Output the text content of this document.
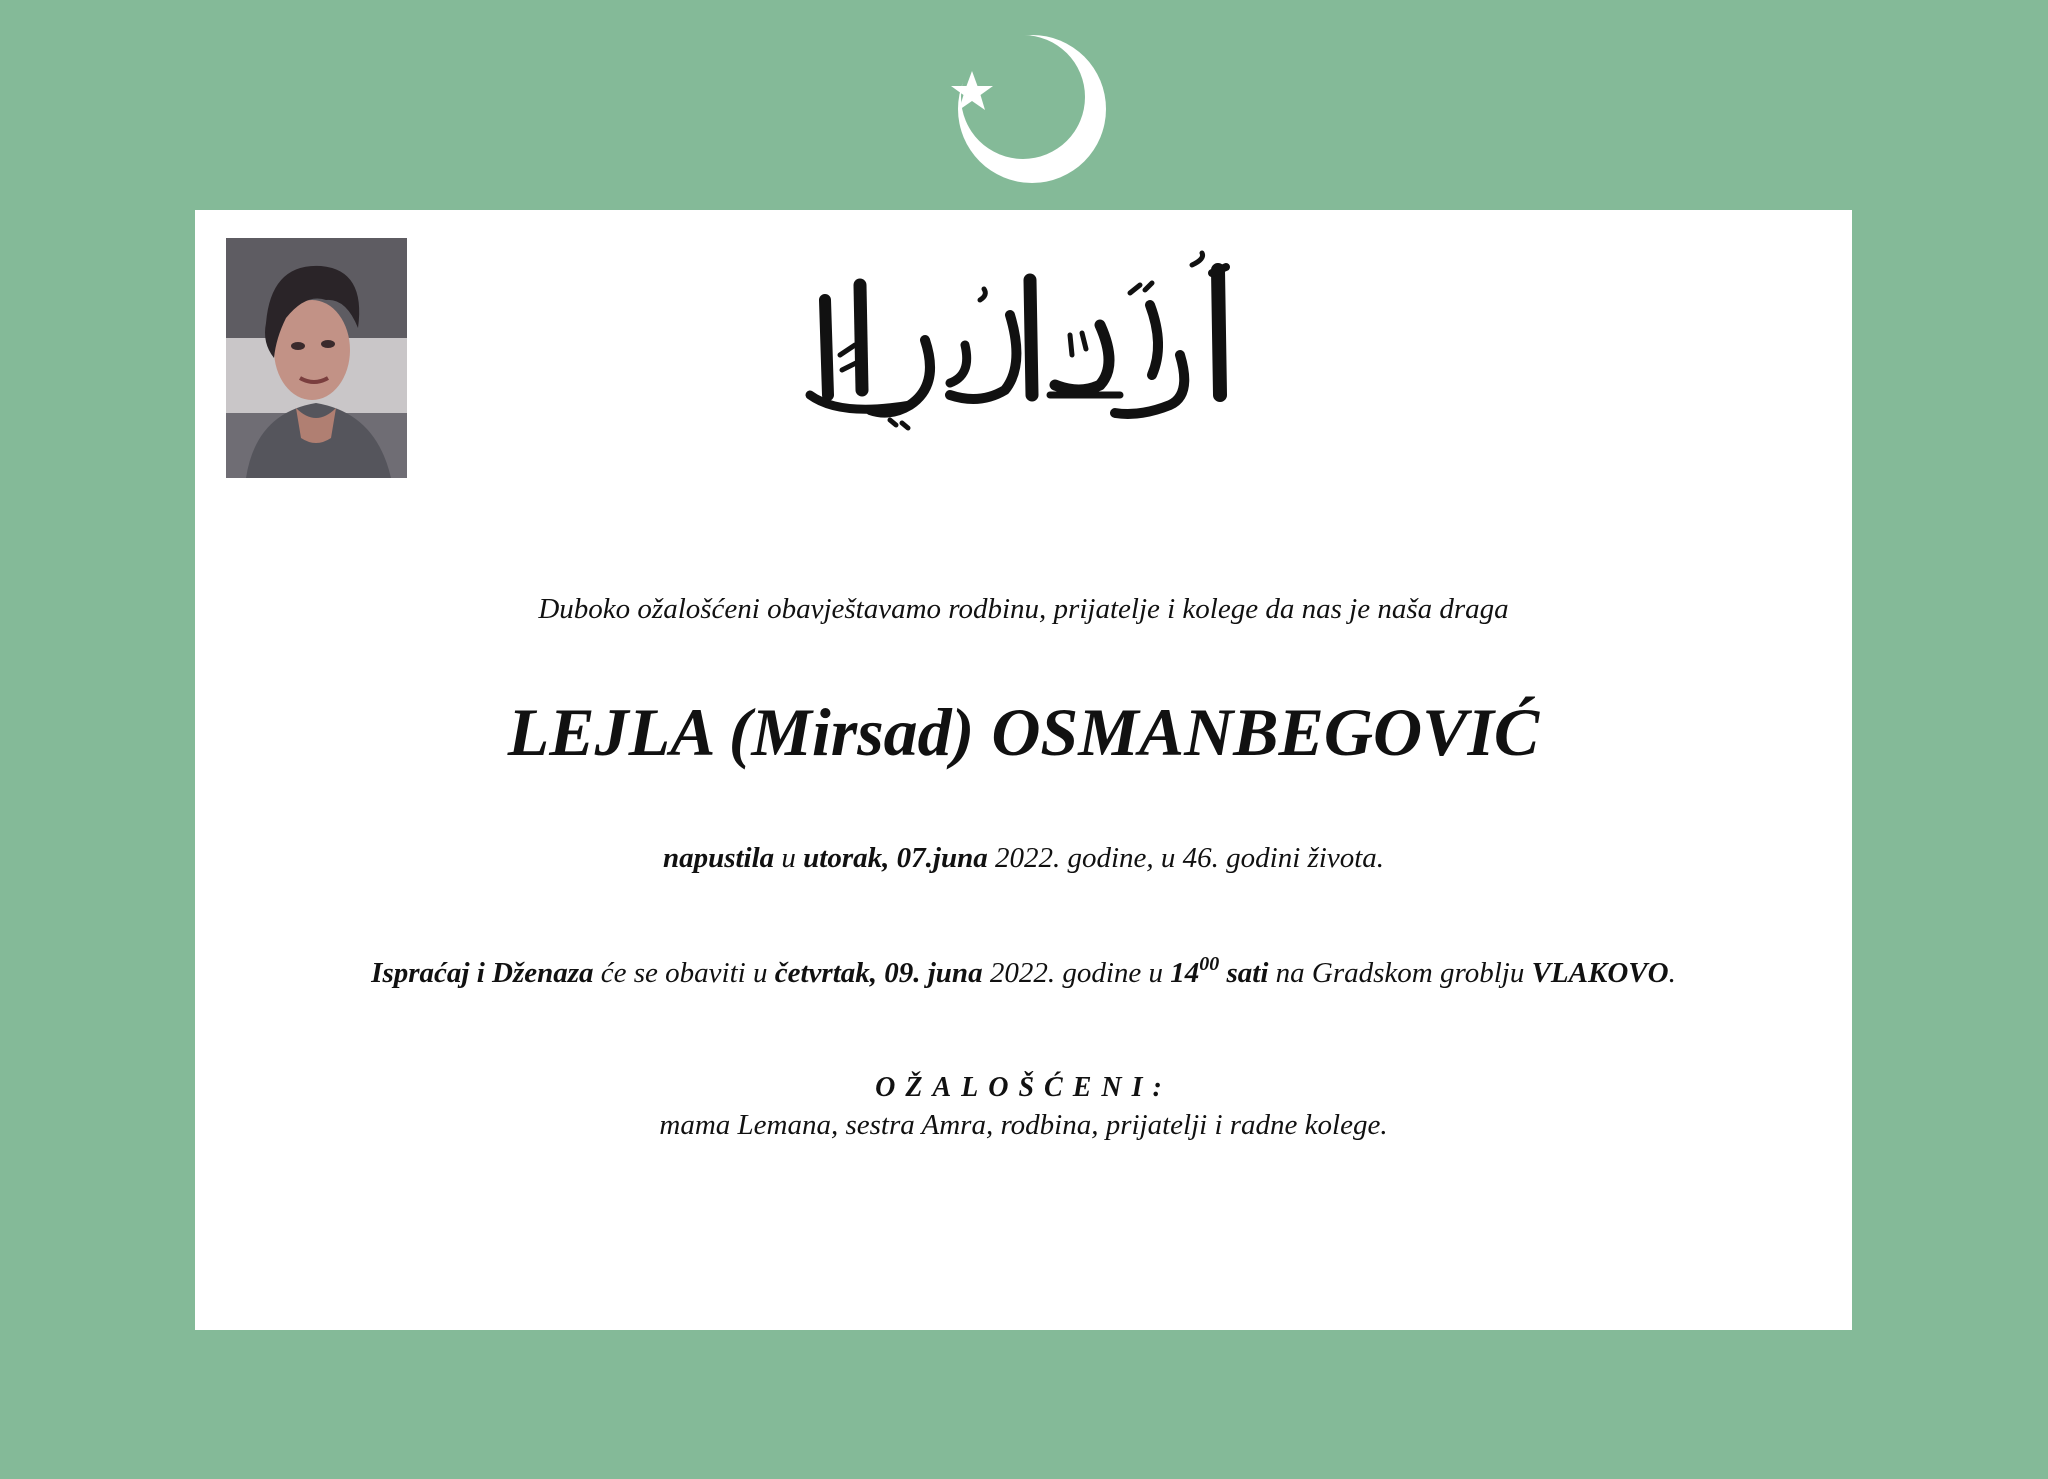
Duboko ožalošćeni obavještavamo rodbinu, prijatelje i kolege da nas je naša draga
LEJLA (Mirsad) OSMANBEGOVIĆ
napustila u utorak, 07.juna 2022. godine, u 46. godini života.
Ispraćaj i Dženaza će se obaviti u četvrtak, 09. juna 2022. godine u $14^{00}$ sati na Gradskom groblju VLAKOVO.
OŽALOŠĆENI:
mama Lemana, sestra Amra, rodbina, prijatelji i radne kolege.
